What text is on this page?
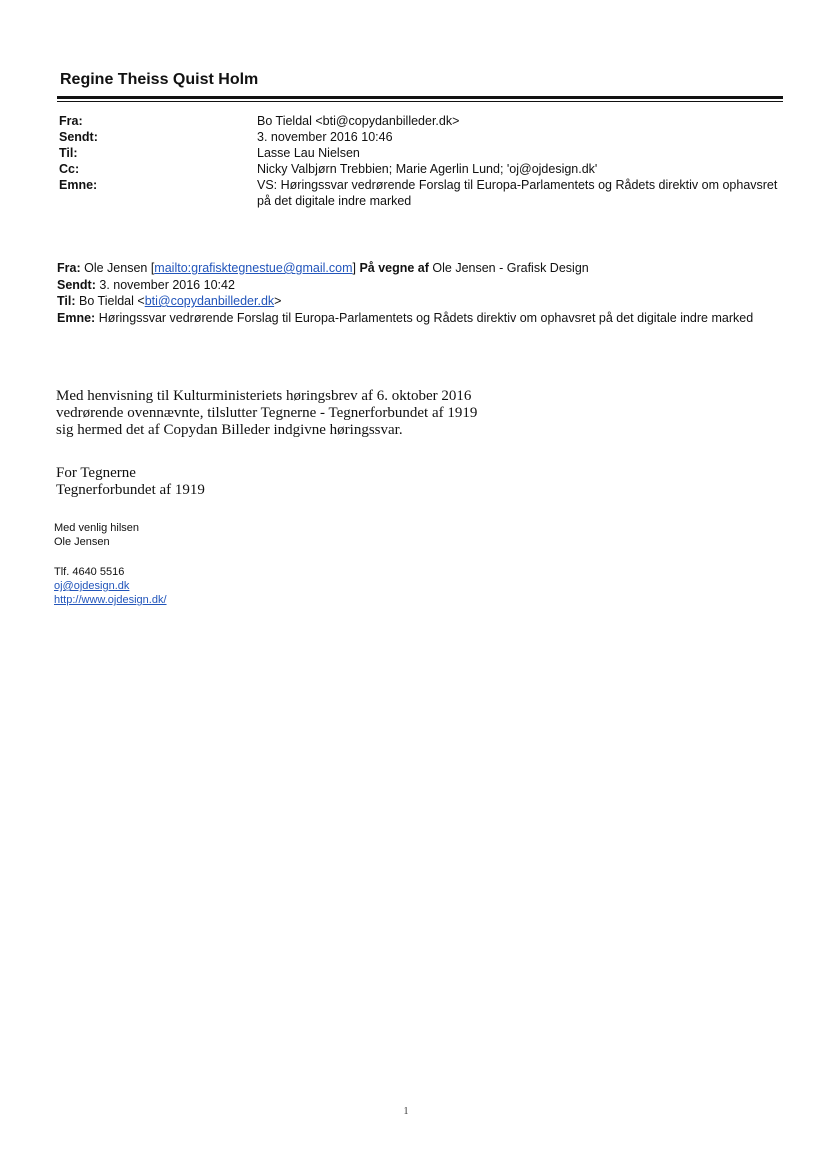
Regine Theiss Quist Holm
Fra:	Bo Tieldal <bti@copydanbilleder.dk>
Sendt:	3. november 2016 10:46
Til:	Lasse Lau Nielsen
Cc:	Nicky Valbjørn Trebbien; Marie Agerlin Lund; 'oj@ojdesign.dk'
Emne:	VS: Høringssvar vedrørende Forslag til Europa-Parlamentets og Rådets direktiv om ophavsret på det digitale indre marked
Fra: Ole Jensen [mailto:grafisktegnestue@gmail.com] På vegne af Ole Jensen - Grafisk Design
Sendt: 3. november 2016 10:42
Til: Bo Tieldal <bti@copydanbilleder.dk>
Emne: Høringssvar vedrørende Forslag til Europa-Parlamentets og Rådets direktiv om ophavsret på det digitale indre marked

Med henvisning til Kulturministeriets høringsbrev af 6. oktober 2016

vedrørende ovennævnte, tilslutter Tegnerne - Tegnerforbundet af 1919

sig hermed det af Copydan Billeder indgivne høringssvar.

For Tegnerne
Tegnerforbundet af 1919
Med venlig hilsen
Ole Jensen
Tlf. 4640 5516
oj@ojdesign.dk
http://www.ojdesign.dk/
1
